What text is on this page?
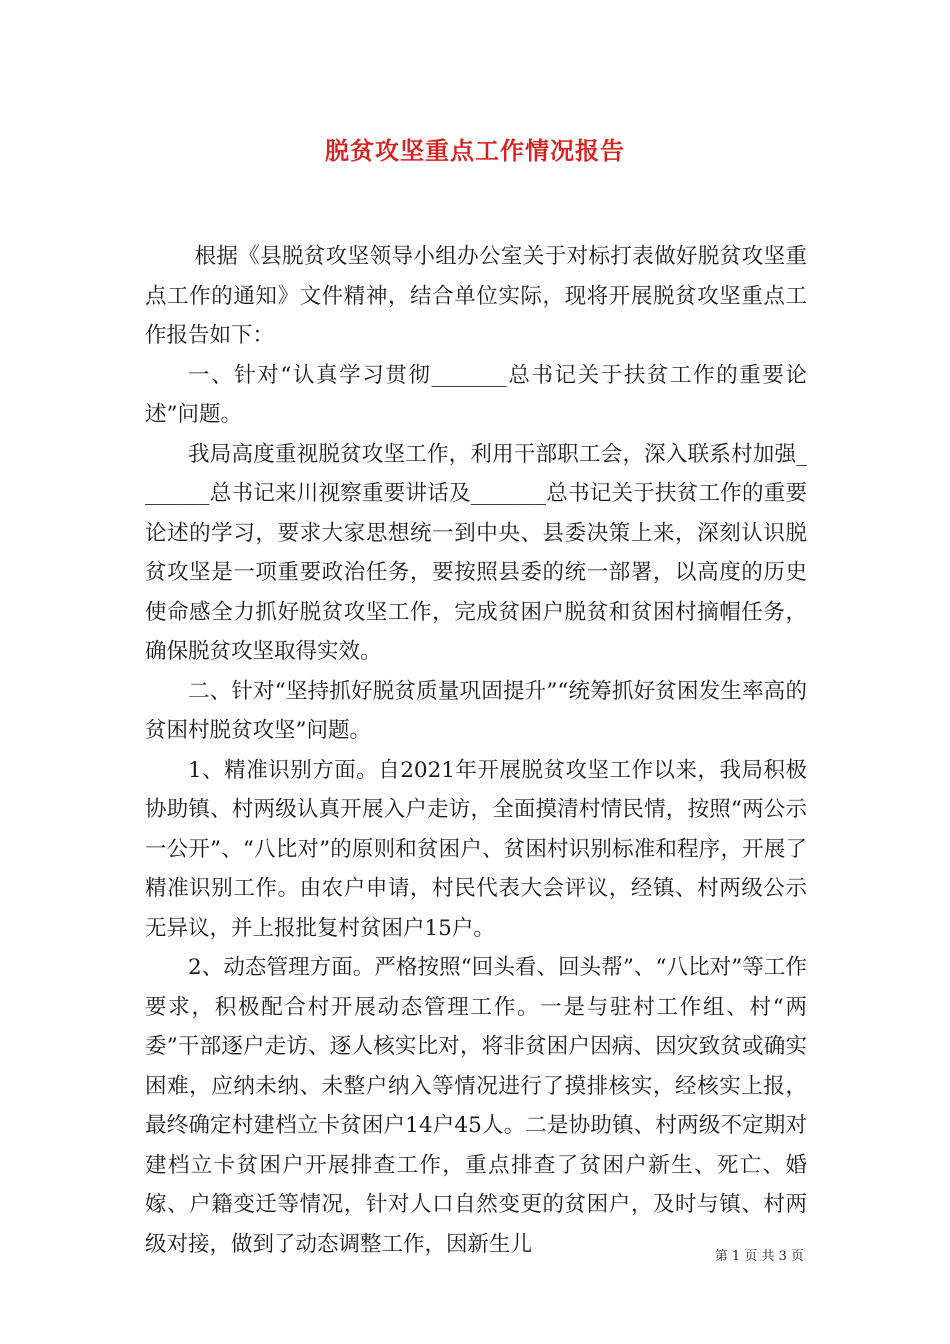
脱贫攻坚重点工作情况报告

根据《县脱贫攻坚领导小组办公室关于对标打表做好脱贫攻坚重点工作的通知》文件精神，结合单位实际，现将开展脱贫攻坚重点工作报告如下：

一、针对“认真学习贯彻_______总书记关于扶贫工作的重要论述”问题。

我局高度重视脱贫攻坚工作，利用干部职工会，深入联系村加强_______总书记来川视察重要讲话及_______总书记关于扶贫工作的重要论述的学习，要求大家思想统一到中央、县委决策上来，深刻认识脱贫攻坚是一项重要政治任务，要按照县委的统一部署，以高度的历史使命感全力抓好脱贫攻坚工作，完成贫困户脱贫和贫困村摘帽任务，确保脱贫攻坚取得实效。

二、针对“坚持抓好脱贫质量巩固提升”“统筹抓好贫困发生率高的贫困村脱贫攻坚”问题。

1、精准识别方面。自2021年开展脱贫攻坚工作以来，我局积极协助镇、村两级认真开展入户走访，全面摸清村情民情，按照“两公示一公开”、“八比对”的原则和贫困户、贫困村识别标准和程序，开展了精准识别工作。由农户申请，村民代表大会评议，经镇、村两级公示无异议，并上报批复村贫困户15户。

2、动态管理方面。严格按照“回头看、回头帮”、“八比对”等工作要求，积极配合村开展动态管理工作。一是与驻村工作组、村“两委”干部逐户走访、逐人核实比对，将非贫困户因病、因灾致贫或确实困难，应纳未纳、未整户纳入等情况进行了摸排核实，经核实上报，最终确定村建档立卡贫困户14户45人。二是协助镇、村两级不定期对建档立卡贫困户开展排查工作，重点排查了贫困户新生、死亡、婚嫁、户籍变迁等情况，针对人口自然变更的贫困户，及时与镇、村两级对接，做到了动态调整工作，因新生儿	第 1 页 共 3 页
